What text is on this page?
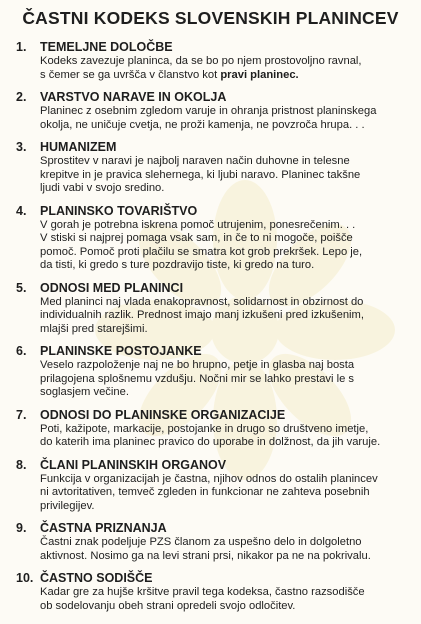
ČASTNI KODEKS SLOVENSKIH PLANINCEV
1. TEMELJNE DOLOČBE
Kodeks zavezuje planinca, da se bo po njem prostovoljno ravnal,
s čemer se ga uvršča v članstvo kot pravi planinec.
2. VARSTVO NARAVE IN OKOLJA
Planinec z osebnim zgledom varuje in ohranja pristnost planinskega
okolja, ne uničuje cvetja, ne proži kamenja, ne povzroča hrupa. . .
3. HUMANIZEM
Sprostitev v naravi je najbolj naraven način duhovne in telesne
krepitve in je pravica slehernega, ki ljubi naravo. Planinec takšne
ljudi vabi v svojo sredino.
4. PLANINSKO TOVARIŠTVO
V gorah je potrebna iskrena pomoč utrujenim, ponesrečenim. . .
V stiski si najprej pomaga vsak sam, in če to ni mogoče, poišče
pomoč. Pomoč proti plačilu se smatra kot grob prekršek. Lepo je,
da tisti, ki gredo s ture pozdravijo tiste, ki gredo na turo.
5. ODNOSI MED PLANINCI
Med planinci naj vlada enakopravnost, solidarnost in obzirnost do
individualnih razlik. Prednost imajo manj izkušeni pred izkušenim,
mlajši pred starejšimi.
6. PLANINSKE POSTOJANKE
Veselo razpoloženje naj ne bo hrupno, petje in glasba naj bosta
prilagojena splošnemu vzdušju. Nočni mir se lahko prestavi le s
soglasjem večine.
7. ODNOSI DO PLANINSKE ORGANIZACIJE
Poti, kažipote, markacije, postojanke in drugo so društveno imetje,
do katerih ima planinec pravico do uporabe in dolžnost, da jih varuje.
8. ČLANI PLANINSKIH ORGANOV
Funkcija v organizacijah je častna, njihov odnos do ostalih planincev
ni avtoritativen, temveč zgleden in funkcionar ne zahteva posebnih
privilegijev.
9. ČASTNA PRIZNANJA
Častni znak podeljuje PZS članom za uspešno delo in dolgoletno
aktivnost. Nosimo ga na levi strani prsi, nikakor pa ne na pokrivalu.
10. ČASTNO SODIŠČE
Kadar gre za hujše kršitve pravil tega kodeksa, častno razsodišče
ob sodelovanju obeh strani opredeli svojo odločitev.
